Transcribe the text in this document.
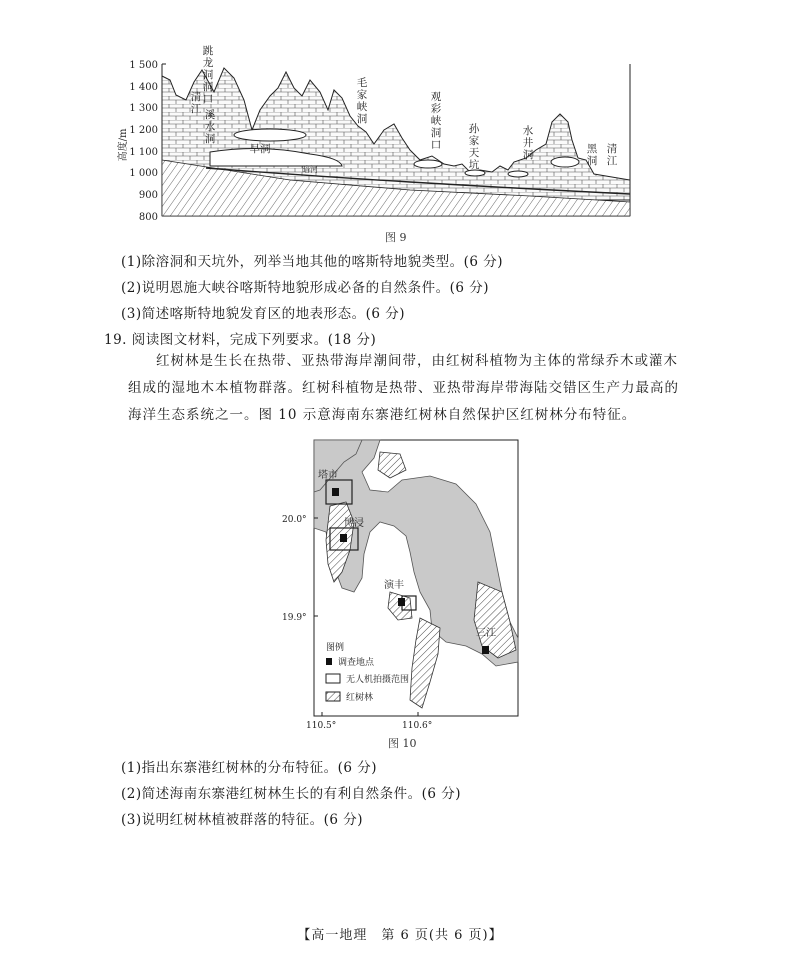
1 500
1 400
1 300
1 200
1 100
1 000
900
800
高度/m
跳
龙
洞
洞
口
清
江 溪
水
洞
早洞
毛
家
峡
洞
观
彩
峡
洞
口
孙
家
天
坑
水
井
洞	黑
洞
清
江
暗河
图 9
(1)除溶洞和天坑外，列举当地其他的喀斯特地貌类型。(6 分)
(2)说明恩施大峡谷喀斯特地貌形成必备的自然条件。(6 分)
(3)简述喀斯特地貌发育区的地表形态。(6 分)
19. 阅读图文材料，完成下列要求。(18 分)
红树林是生长在热带、亚热带海岸潮间带，由红树科植物为主体的常绿乔木或灌木组成的湿地木本植物群落。红树科植物是热带、亚热带海岸带海陆交错区生产力最高的海洋生态系统之一。图 10 示意海南东寨港红树林自然保护区红树林分布特征。
塔市
博浸
演丰
三江
20.0°
19.9°
110.5°	110.6°
图例
调查地点
无人机拍摄范围
红树林
图 10
(1)指出东寨港红树林的分布特征。(6 分)
(2)简述海南东寨港红树林生长的有利自然条件。(6 分)
(3)说明红树林植被群落的特征。(6 分)
【高一地理　第 6 页(共 6 页)】
